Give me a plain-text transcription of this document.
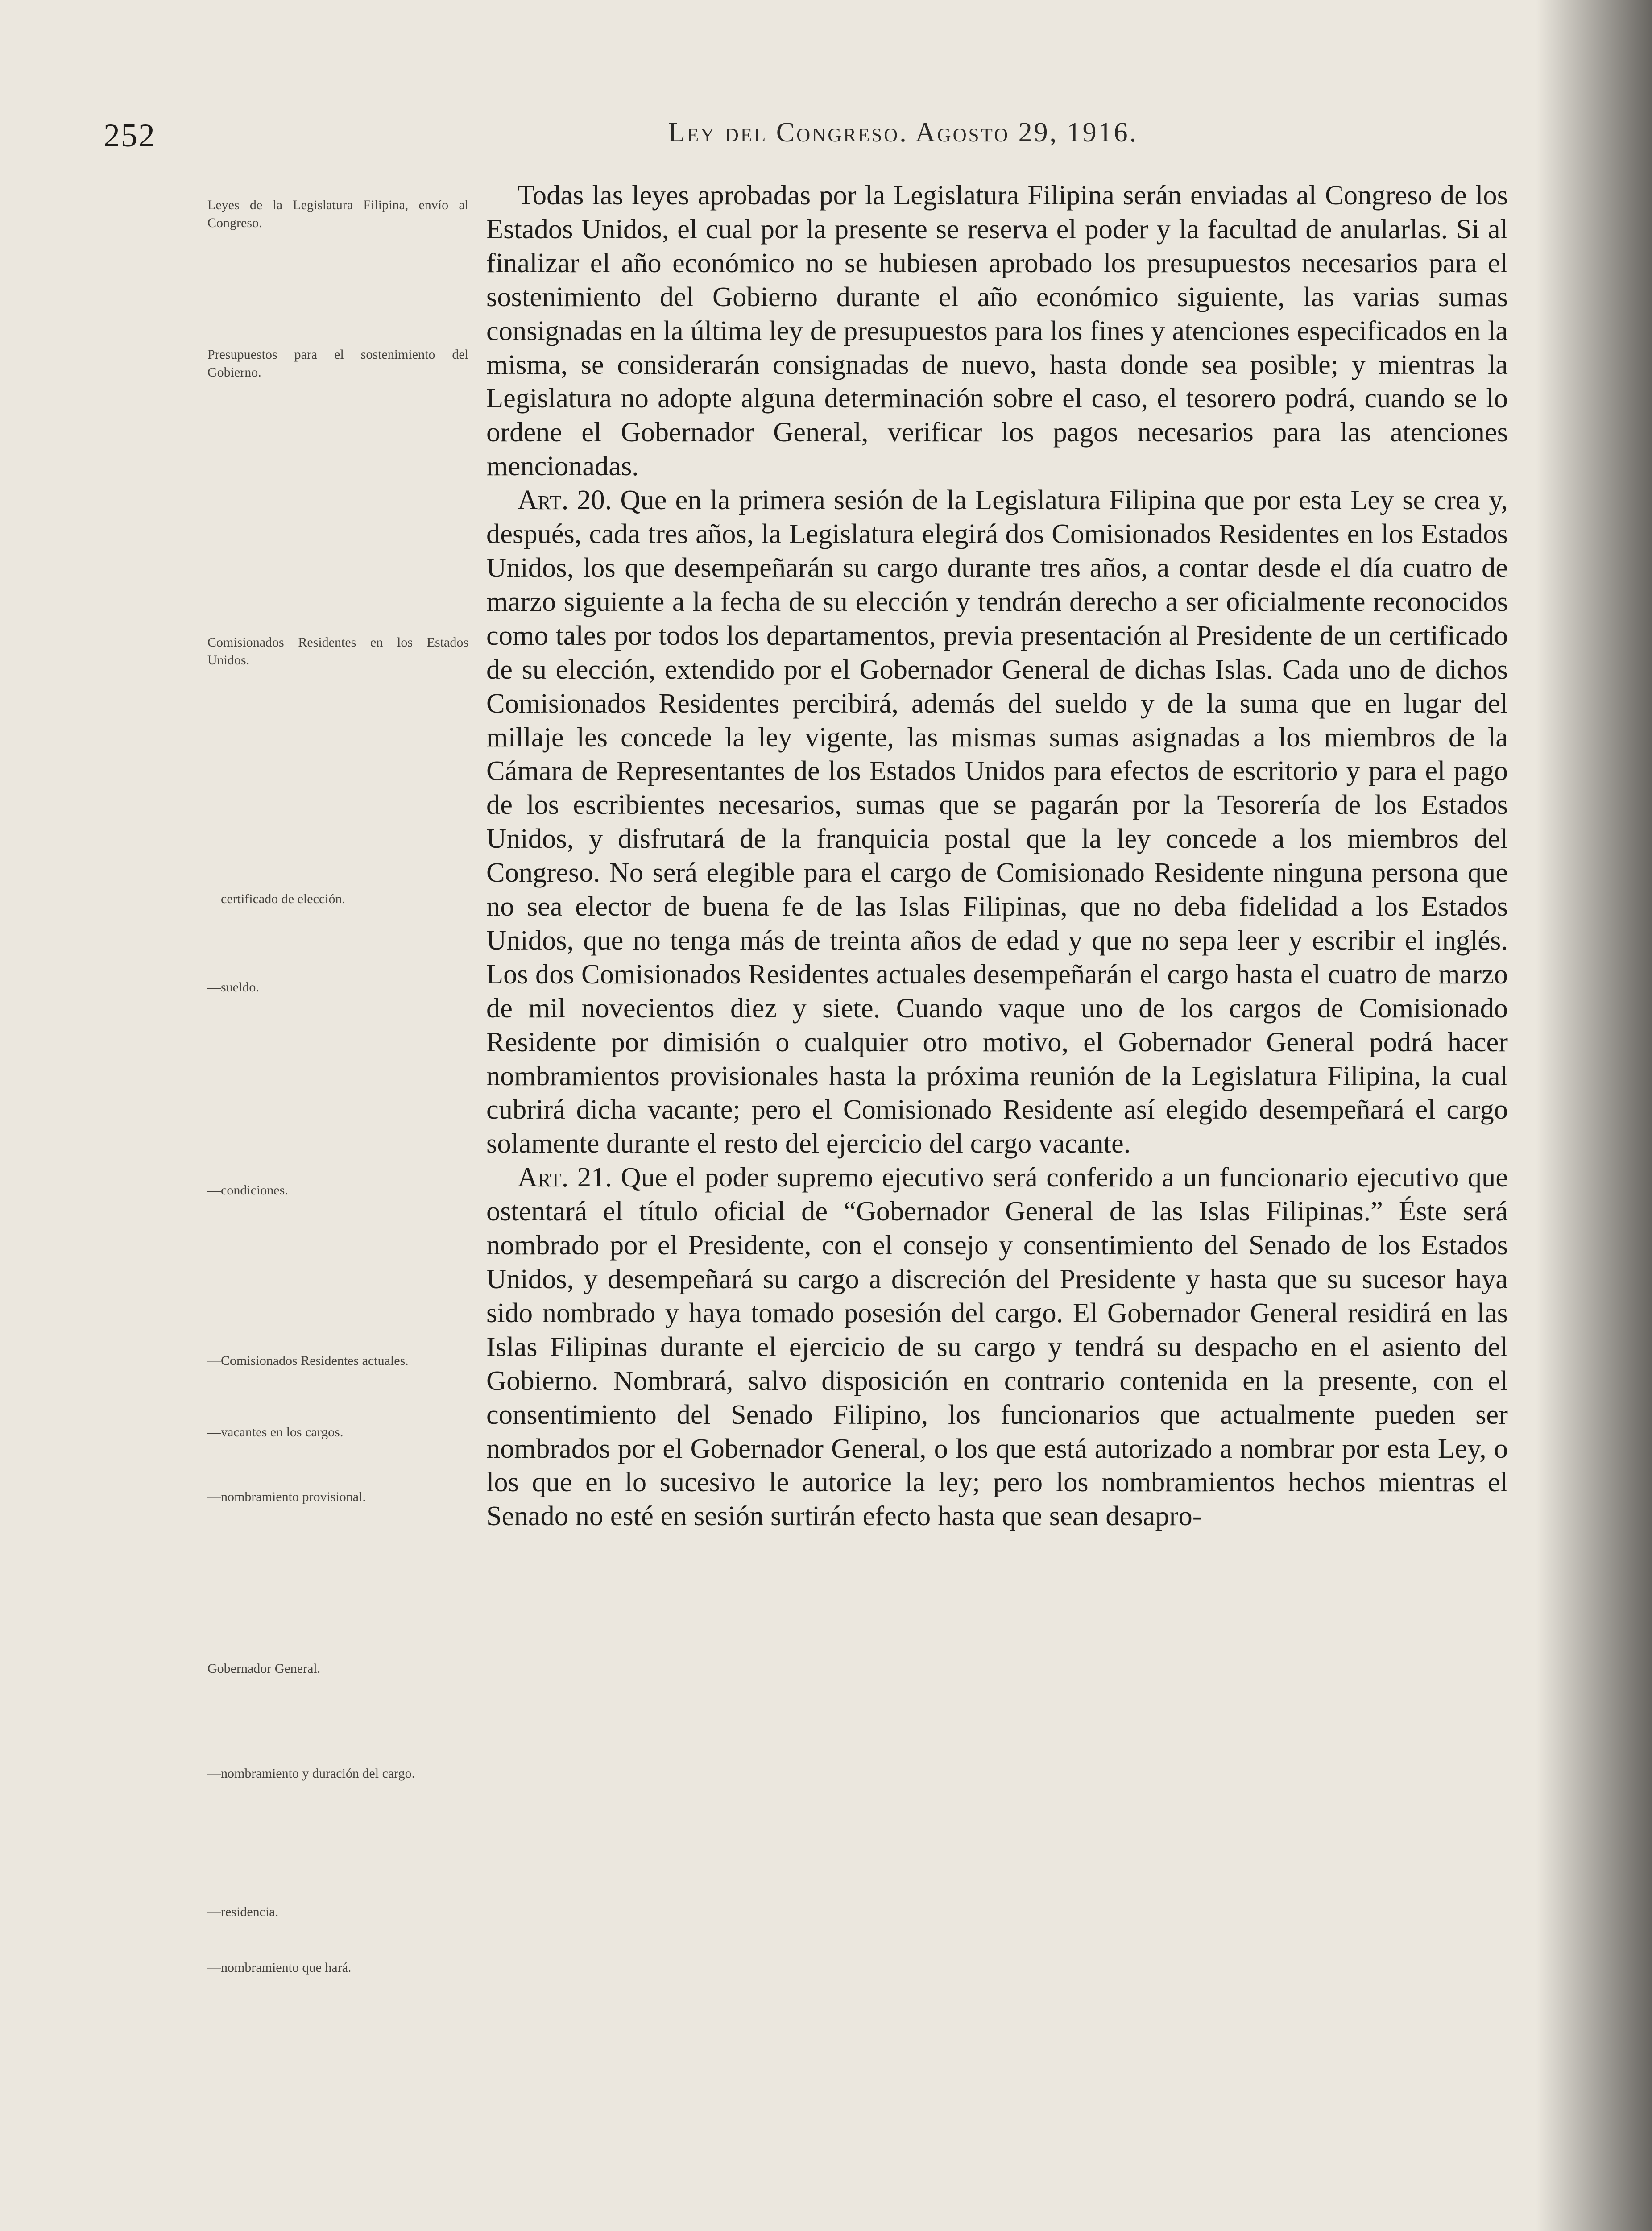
252	Ley del Congreso. Agosto 29, 1916.
Leyes de la Legislatura Filipina, envío al Congreso.
Presupuestos para el sostenimiento del Gobierno.
Comisionados Residentes en los Estados Unidos.
—certificado de elección.
—sueldo.
—condiciones.
—Comisionados Residentes actuales.
—vacantes en los cargos.
—nombramiento provisional.
Gobernador General.
—nombramiento y duración del cargo.
—residencia.
—nombramiento que hará.

Todas las leyes aprobadas por la Legislatura Filipina serán enviadas al Congreso de los Estados Unidos, el cual por la presente se reserva el poder y la facultad de anularlas. Si al finalizar el año económico no se hubiesen aprobado los presupuestos necesarios para el sostenimiento del Gobierno durante el año económico siguiente, las varias sumas consignadas en la última ley de presupuestos para los fines y atenciones especificados en la misma, se considerarán consignadas de nuevo, hasta donde sea posible; y mientras la Legislatura no adopte alguna determinación sobre el caso, el tesorero podrá, cuando se lo ordene el Gobernador General, verificar los pagos necesarios para las atenciones mencionadas.

Art. 20. Que en la primera sesión de la Legislatura Filipina que por esta Ley se crea y, después, cada tres años, la Legislatura elegirá dos Comisionados Residentes en los Estados Unidos, los que desempeñarán su cargo durante tres años, a contar desde el día cuatro de marzo siguiente a la fecha de su elección y tendrán derecho a ser oficialmente reconocidos como tales por todos los departamentos, previa presentación al Presidente de un certificado de su elección, extendido por el Gobernador General de dichas Islas. Cada uno de dichos Comisionados Residentes percibirá, además del sueldo y de la suma que en lugar del millaje les concede la ley vigente, las mismas sumas asignadas a los miembros de la Cámara de Representantes de los Estados Unidos para efectos de escritorio y para el pago de los escribientes necesarios, sumas que se pagarán por la Tesorería de los Estados Unidos, y disfrutará de la franquicia postal que la ley concede a los miembros del Congreso. No será elegible para el cargo de Comisionado Residente ninguna persona que no sea elector de buena fe de las Islas Filipinas, que no deba fidelidad a los Estados Unidos, que no tenga más de treinta años de edad y que no sepa leer y escribir el inglés. Los dos Comisionados Residentes actuales desempeñarán el cargo hasta el cuatro de marzo de mil novecientos diez y siete. Cuando vaque uno de los cargos de Comisionado Residente por dimisión o cualquier otro motivo, el Gobernador General podrá hacer nombramientos provisionales hasta la próxima reunión de la Legislatura Filipina, la cual cubrirá dicha vacante; pero el Comisionado Residente así elegido desempeñará el cargo solamente durante el resto del ejercicio del cargo vacante.

Art. 21. Que el poder supremo ejecutivo será conferido a un funcionario ejecutivo que ostentará el título oficial de “Gobernador General de las Islas Filipinas.” Éste será nombrado por el Presidente, con el consejo y consentimiento del Senado de los Estados Unidos, y desempeñará su cargo a discreción del Presidente y hasta que su sucesor haya sido nombrado y haya tomado posesión del cargo. El Gobernador General residirá en las Islas Filipinas durante el ejercicio de su cargo y tendrá su despacho en el asiento del Gobierno. Nombrará, salvo disposición en contrario contenida en la presente, con el consentimiento del Senado Filipino, los funcionarios que actualmente pueden ser nombrados por el Gobernador General, o los que está autorizado a nombrar por esta Ley, o los que en lo sucesivo le autorice la ley; pero los nombramientos hechos mientras el Senado no esté en sesión surtirán efecto hasta que sean desapro-
